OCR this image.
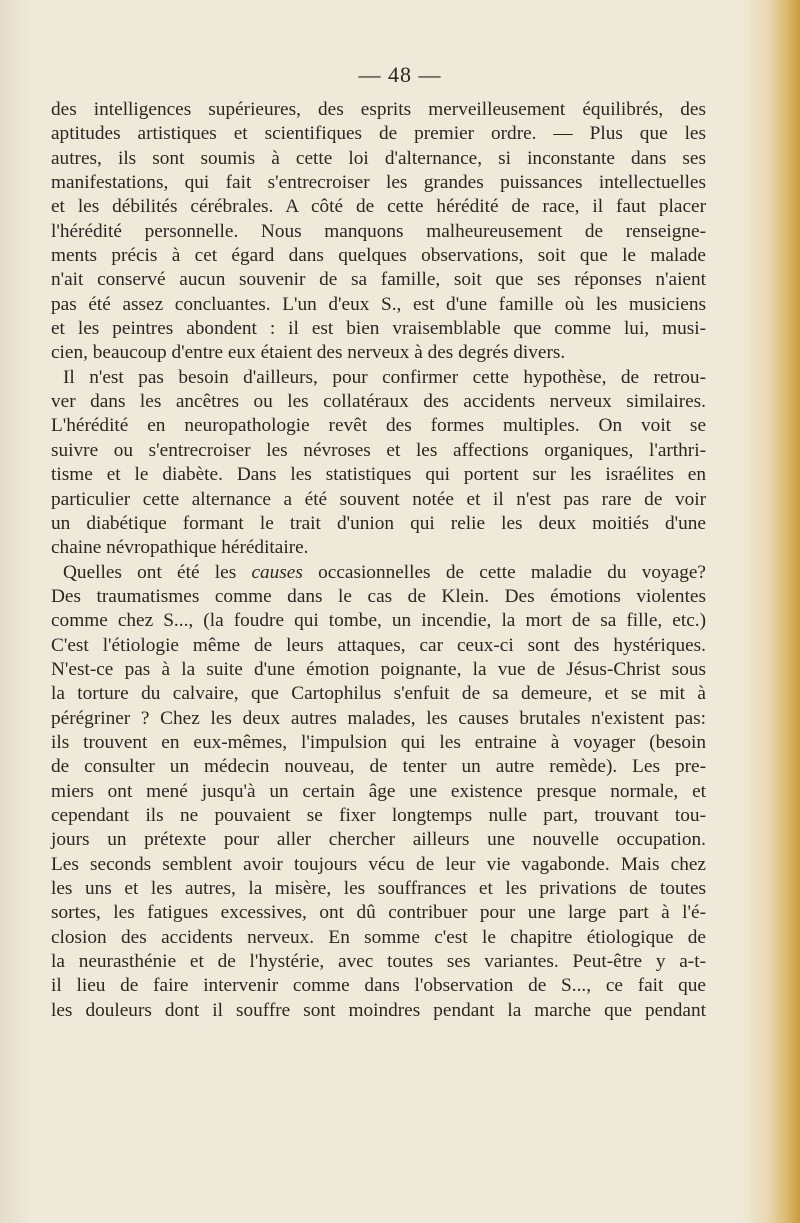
— 48 —
des intelligences supérieures, des esprits merveilleusement équilibrés, des
aptitudes artistiques et scientifiques de premier ordre. — Plus que les
autres, ils sont soumis à cette loi d'alternance, si inconstante dans ses
manifestations, qui fait s'entrecroiser les grandes puissances intellectuelles
et les débilités cérébrales. A côté de cette hérédité de race, il faut placer
l'hérédité personnelle. Nous manquons malheureusement de renseigne-
ments précis à cet égard dans quelques observations, soit que le malade
n'ait conservé aucun souvenir de sa famille, soit que ses réponses n'aient
pas été assez concluantes. L'un d'eux S., est d'une famille où les musiciens
et les peintres abondent : il est bien vraisemblable que comme lui, musi-
cien, beaucoup d'entre eux étaient des nerveux à des degrés divers.
Il n'est pas besoin d'ailleurs, pour confirmer cette hypothèse, de retrou-
ver dans les ancêtres ou les collatéraux des accidents nerveux similaires.
L'hérédité en neuropathologie revêt des formes multiples. On voit se
suivre ou s'entrecroiser les névroses et les affections organiques, l'arthri-
tisme et le diabète. Dans les statistiques qui portent sur les israélites en
particulier cette alternance a été souvent notée et il n'est pas rare de voir
un diabétique formant le trait d'union qui relie les deux moitiés d'une
chaine névropathique héréditaire.
Quelles ont été les causes occasionnelles de cette maladie du voyage?
Des traumatismes comme dans le cas de Klein. Des émotions violentes
comme chez S..., (la foudre qui tombe, un incendie, la mort de sa fille, etc.)
C'est l'étiologie même de leurs attaques, car ceux-ci sont des hystériques.
N'est-ce pas à la suite d'une émotion poignante, la vue de Jésus-Christ sous
la torture du calvaire, que Cartophilus s'enfuit de sa demeure, et se mit à
pérégriner ? Chez les deux autres malades, les causes brutales n'existent pas:
ils trouvent en eux-mêmes, l'impulsion qui les entraine à voyager (besoin
de consulter un médecin nouveau, de tenter un autre remède). Les pre-
miers ont mené jusqu'à un certain âge une existence presque normale, et
cependant ils ne pouvaient se fixer longtemps nulle part, trouvant tou-
jours un prétexte pour aller chercher ailleurs une nouvelle occupation.
Les seconds semblent avoir toujours vécu de leur vie vagabonde. Mais chez
les uns et les autres, la misère, les souffrances et les privations de toutes
sortes, les fatigues excessives, ont dû contribuer pour une large part à l'é-
closion des accidents nerveux. En somme c'est le chapitre étiologique de
la neurasthénie et de l'hystérie, avec toutes ses variantes. Peut-être y a-t-
il lieu de faire intervenir comme dans l'observation de S..., ce fait que
les douleurs dont il souffre sont moindres pendant la marche que pendant
